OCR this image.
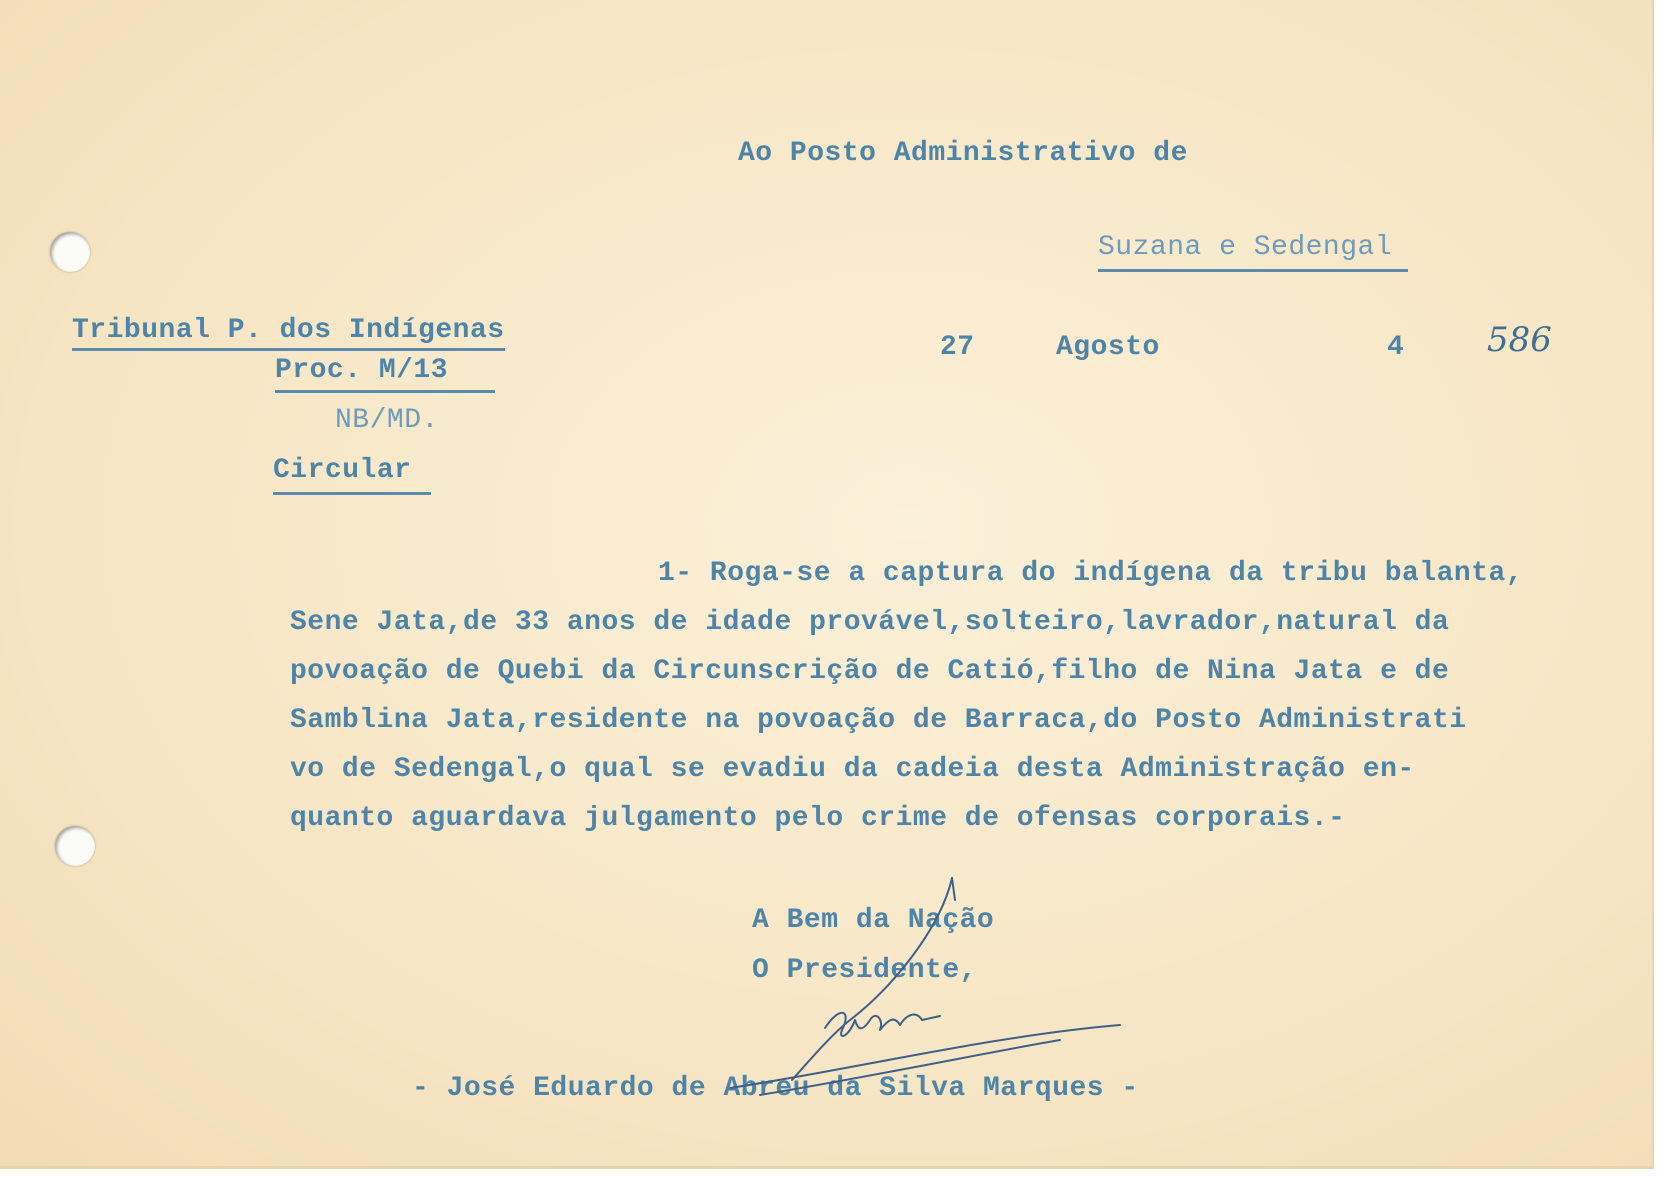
Ao Posto Administrativo de
Suzana e Sedengal
Tribunal P. dos Indígenas
Proc. M/13
NB/MD.
Circular
27	Agosto	4 586
1- Roga-se a captura do indígena da tribu balanta,
Sene Jata,de 33 anos de idade provável,solteiro,lavrador,natural da
povoação de Quebi da Circunscrição de Catió,filho de Nina Jata e de
Samblina Jata,residente na povoação de Barraca,do Posto Administrati
vo de Sedengal,o qual se evadiu da cadeia desta Administração en-
quanto aguardava julgamento pelo crime de ofensas corporais.-
A Bem da Nação
O Presidente,
- José Eduardo de Abreu da Silva Marques -
